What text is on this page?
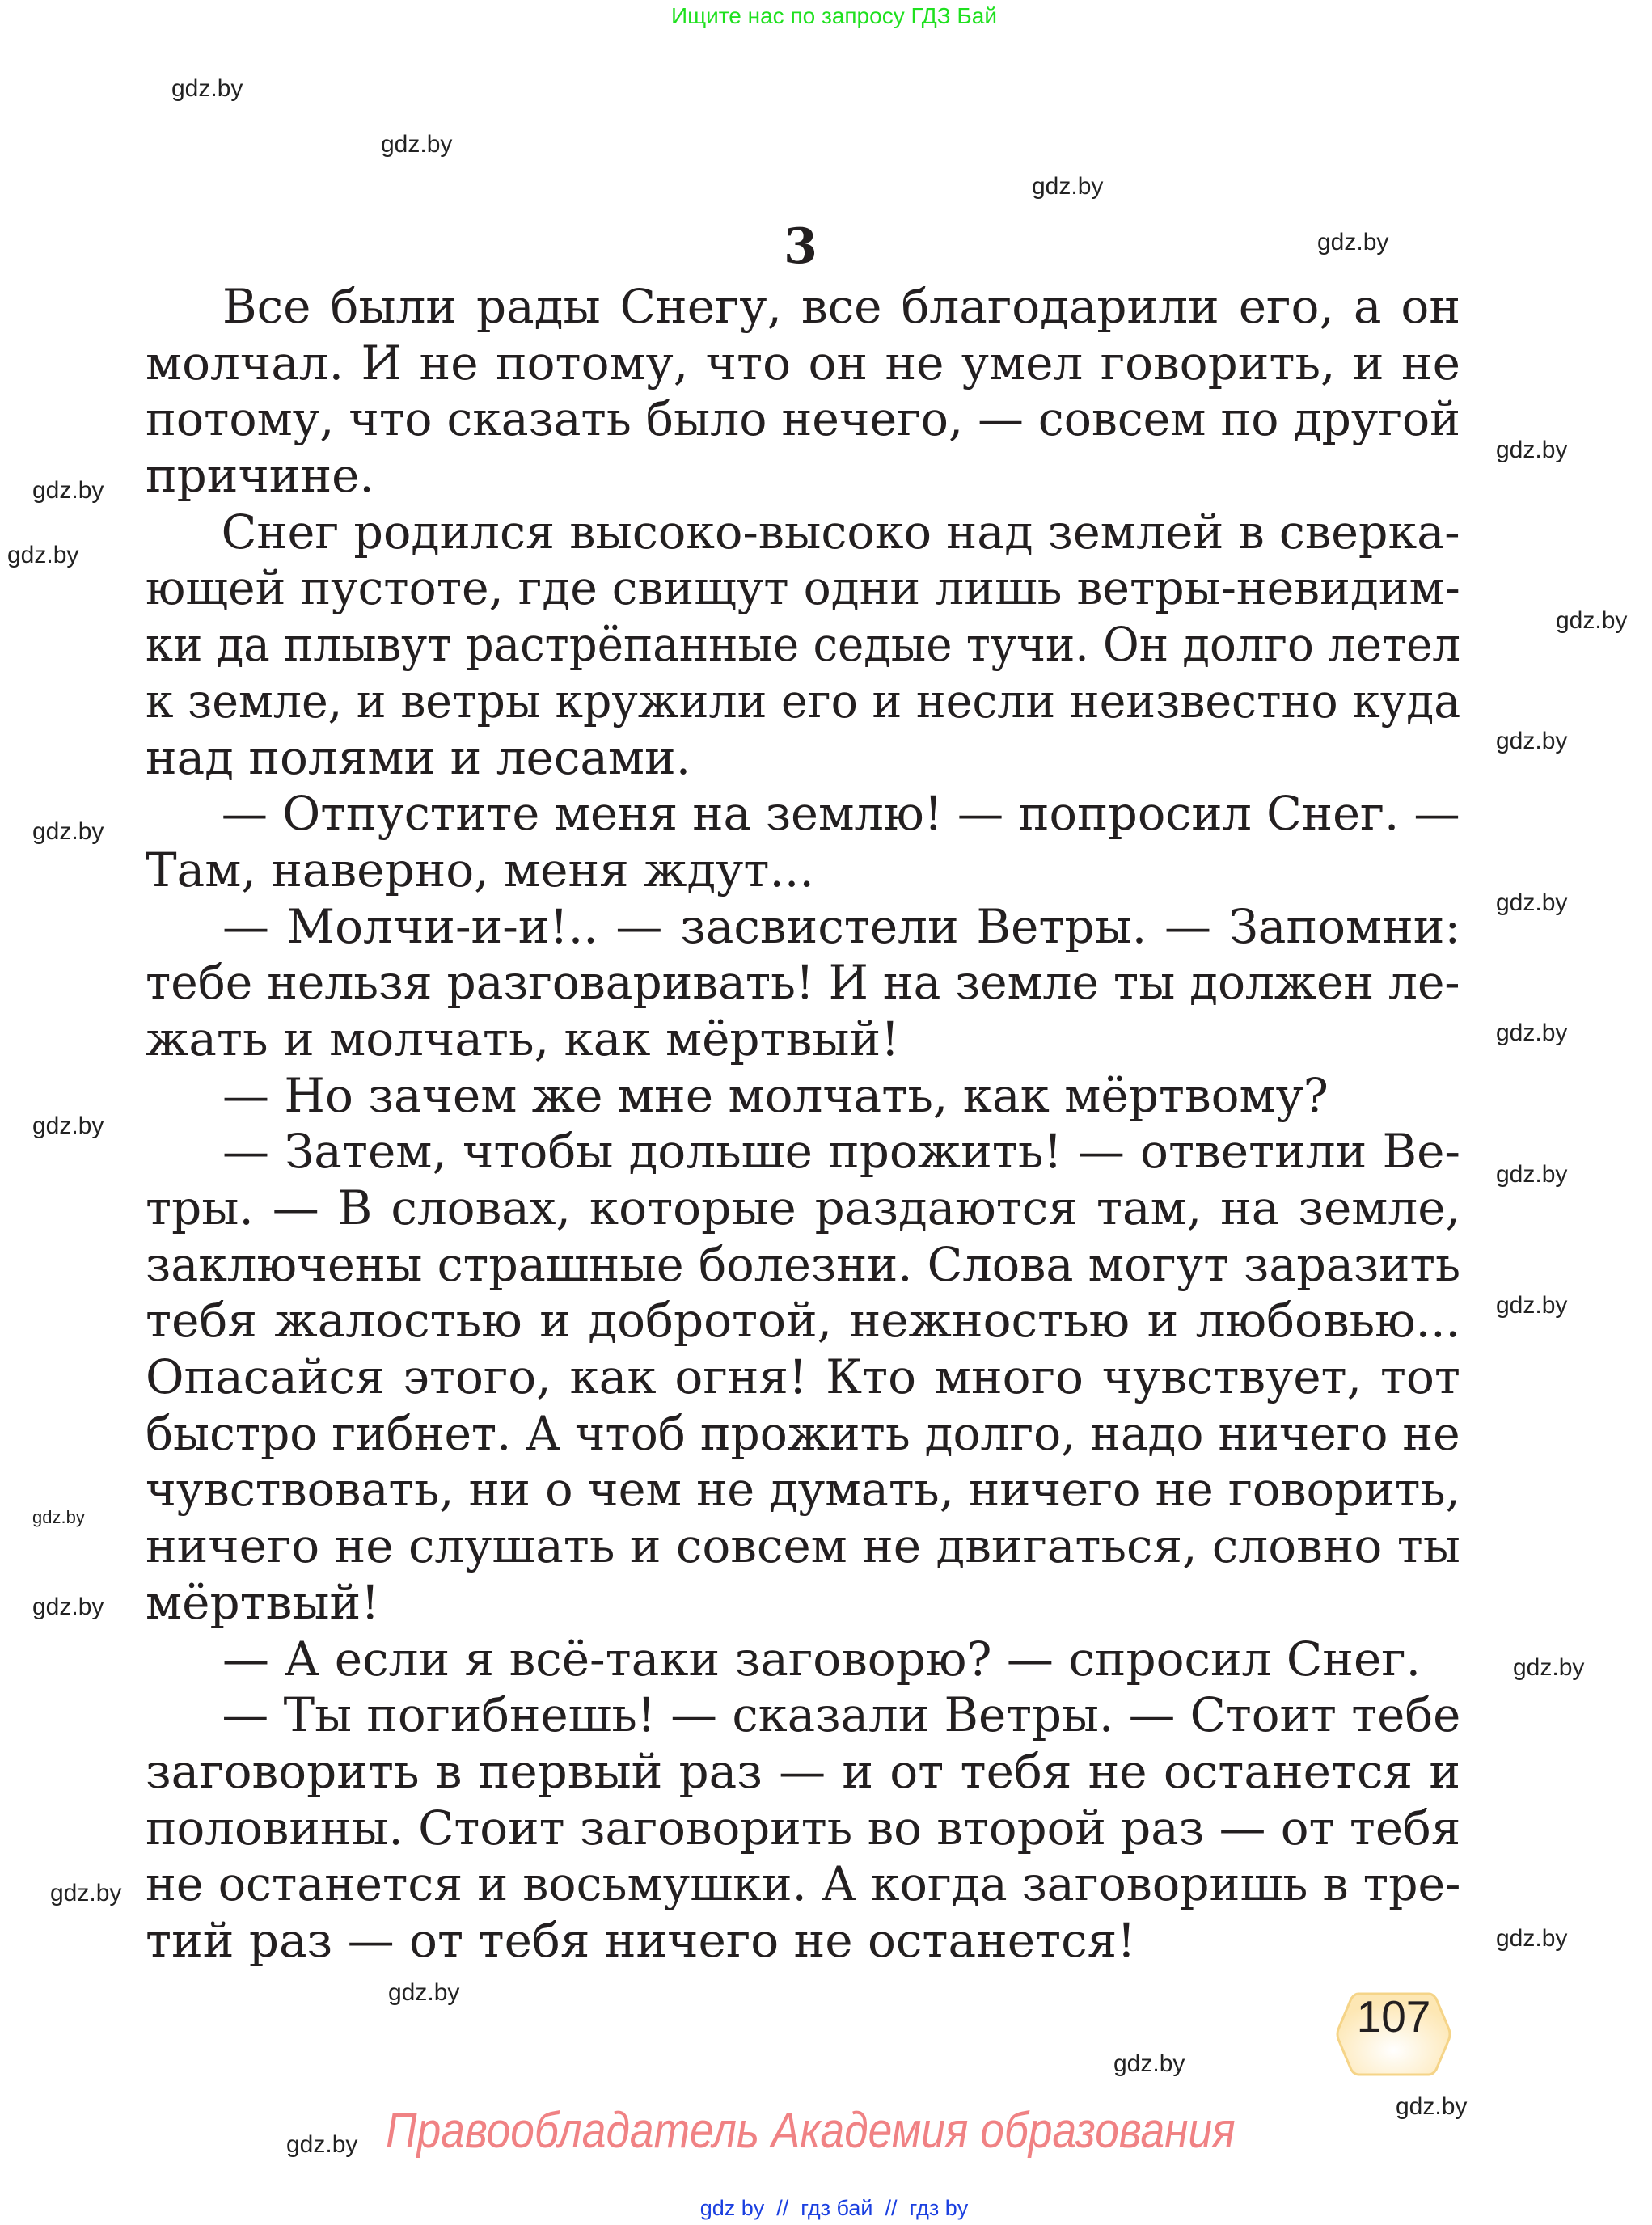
Ищите нас по запросу ГДЗ Бай
3
Все были рады Снегу, все благодарили его, а он
молчал. И не потому, что он не умел говорить, и не
потому, что сказать было нечего, — совсем по другой
причине.
Снег родился высоко-высоко над землей в сверка-
ющей пустоте, где свищут одни лишь ветры-невидим-
ки да плывут растрёпанные седые тучи. Он долго летел
к земле, и ветры кружили его и несли неизвестно куда
над полями и лесами.
— Отпустите меня на землю! — попросил Снег. —
Там, наверно, меня ждут...
— Молчи-и-и!.. — засвистели Ветры. — Запомни:
тебе нельзя разговаривать! И на земле ты должен ле-
жать и молчать, как мёртвый!
— Но зачем же мне молчать, как мёртвому?
— Затем, чтобы дольше прожить! — ответили Ве-
тры. — В словах, которые раздаются там, на земле,
заключены страшные болезни. Слова могут заразить
тебя жалостью и добротой, нежностью и любовью...
Опасайся этого, как огня! Кто много чувствует, тот
быстро гибнет. А чтоб прожить долго, надо ничего не
чувствовать, ни о чем не думать, ничего не говорить,
ничего не слушать и совсем не двигаться, словно ты
мёртвый!
— А если я всё-таки заговорю? — спросил Снег.
— Ты погибнешь! — сказали Ветры. — Стоит тебе
заговорить в первый раз — и от тебя не останется и
половины. Стоит заговорить во второй раз — от тебя
не останется и восьмушки. А когда заговоришь в тре-
тий раз — от тебя ничего не останется!
gdz.by
gdz.by
gdz.by
gdz.by
gdz.by
gdz.by
gdz.by
gdz.by
gdz.by
gdz.by
gdz.by
gdz.by
gdz.by
gdz.by
gdz.by
gdz.by
gdz.by
gdz.by
gdz.by
gdz.by
gdz.by
gdz.by
gdz.by
gdz.by
107
Правообладатель Академия образования
gdz by  //  гдз бай  //  гдз by
